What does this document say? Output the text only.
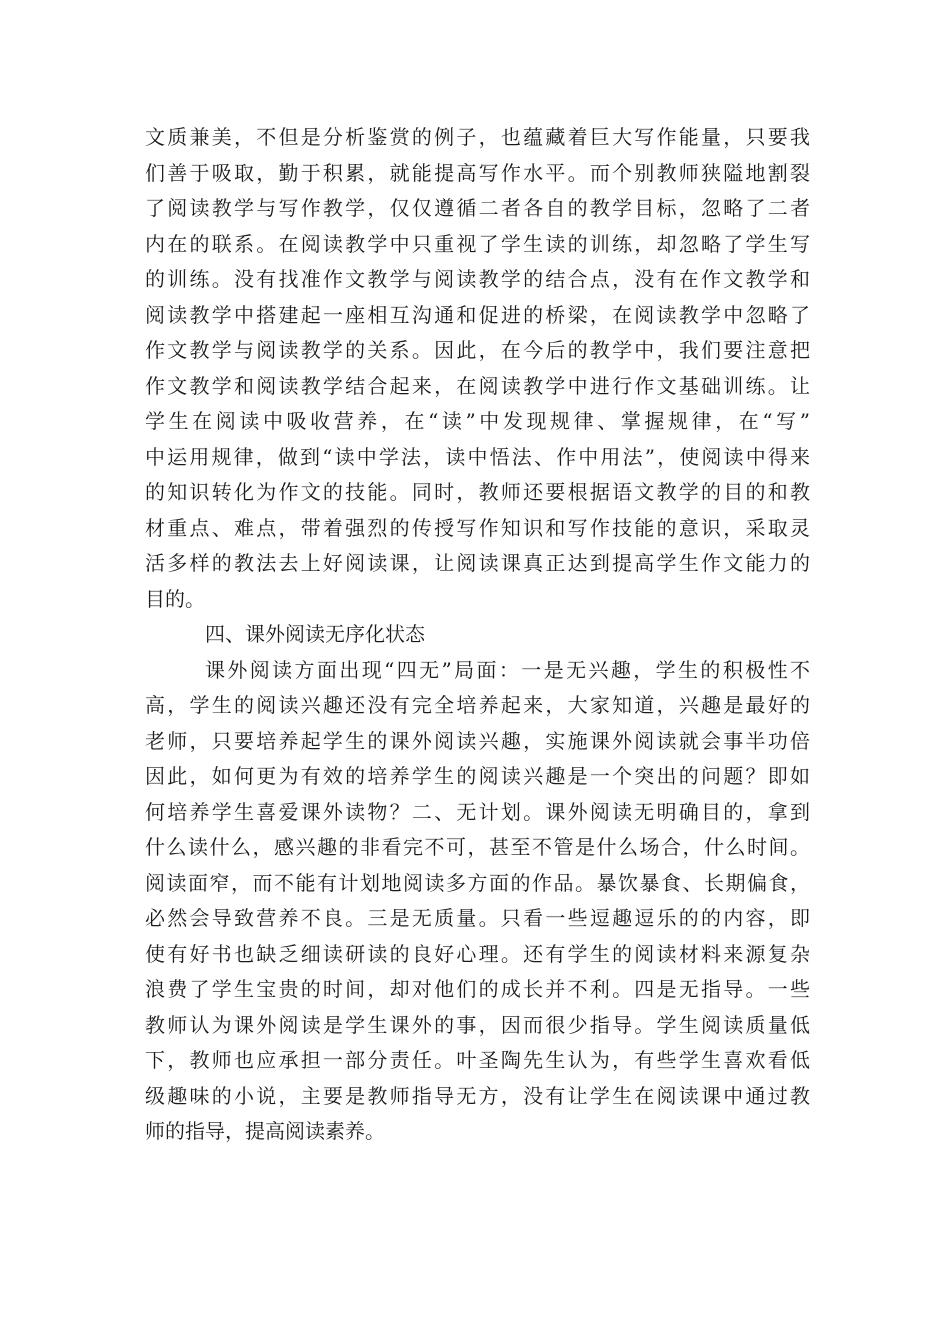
文质兼美，不但是分析鉴赏的例子，也蕴藏着巨大写作能量，只要我
们善于吸取，勤于积累，就能提高写作水平。而个别教师狭隘地割裂
了阅读教学与写作教学，仅仅遵循二者各自的教学目标，忽略了二者
内在的联系。在阅读教学中只重视了学生读的训练，却忽略了学生写
的训练。没有找准作文教学与阅读教学的结合点，没有在作文教学和
阅读教学中搭建起一座相互沟通和促进的桥梁，在阅读教学中忽略了
作文教学与阅读教学的关系。因此，在今后的教学中，我们要注意把
作文教学和阅读教学结合起来，在阅读教学中进行作文基础训练。让
学生在阅读中吸收营养，在“读”中发现规律、掌握规律，在“写”
中运用规律，做到“读中学法，读中悟法、作中用法”，使阅读中得来
的知识转化为作文的技能。同时，教师还要根据语文教学的目的和教
材重点、难点，带着强烈的传授写作知识和写作技能的意识，采取灵
活多样的教法去上好阅读课，让阅读课真正达到提高学生作文能力的
目的。
四、课外阅读无序化状态
课外阅读方面出现“四无”局面：一是无兴趣，学生的积极性不
高，学生的阅读兴趣还没有完全培养起来，大家知道，兴趣是最好的
老师，只要培养起学生的课外阅读兴趣，实施课外阅读就会事半功倍
因此，如何更为有效的培养学生的阅读兴趣是一个突出的问题？即如
何培养学生喜爱课外读物？二、无计划。课外阅读无明确目的，拿到
什么读什么，感兴趣的非看完不可，甚至不管是什么场合，什么时间。
阅读面窄，而不能有计划地阅读多方面的作品。暴饮暴食、长期偏食，
必然会导致营养不良。三是无质量。只看一些逗趣逗乐的的内容，即
使有好书也缺乏细读研读的良好心理。还有学生的阅读材料来源复杂
浪费了学生宝贵的时间，却对他们的成长并不利。四是无指导。一些
教师认为课外阅读是学生课外的事，因而很少指导。学生阅读质量低
下，教师也应承担一部分责任。叶圣陶先生认为，有些学生喜欢看低
级趣味的小说，主要是教师指导无方，没有让学生在阅读课中通过教
师的指导，提高阅读素养。
